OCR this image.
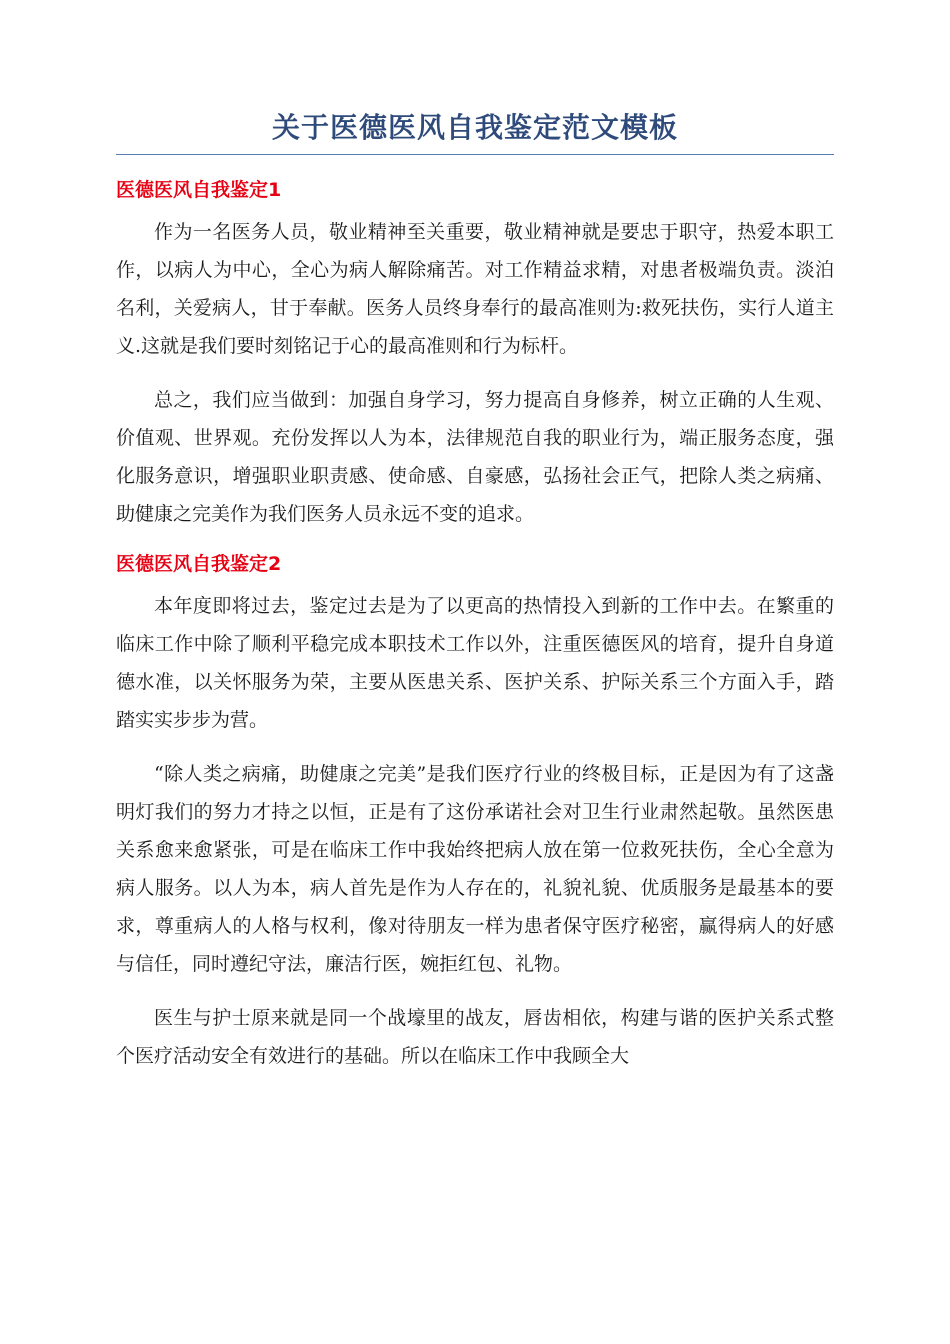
关于医德医风自我鉴定范文模板
医德医风自我鉴定1

作为一名医务人员，敬业精神至关重要，敬业精神就是要忠于职守，热爱本职工作，以病人为中心，全心为病人解除痛苦。对工作精益求精，对患者极端负责。淡泊名利，关爱病人，甘于奉献。医务人员终身奉行的最高准则为:救死扶伤，实行人道主义.这就是我们要时刻铭记于心的最高准则和行为标杆。

总之，我们应当做到：加强自身学习，努力提高自身修养，树立正确的人生观、价值观、世界观。充份发挥以人为本，法律规范自我的职业行为，端正服务态度，强化服务意识，增强职业职责感、使命感、自豪感，弘扬社会正气，把除人类之病痛、助健康之完美作为我们医务人员永远不变的追求。

医德医风自我鉴定2

本年度即将过去，鉴定过去是为了以更高的热情投入到新的工作中去。在繁重的临床工作中除了顺利平稳完成本职技术工作以外，注重医德医风的培育，提升自身道德水准，以关怀服务为荣，主要从医患关系、医护关系、护际关系三个方面入手，踏踏实实步步为营。

“除人类之病痛，助健康之完美”是我们医疗行业的终极目标，正是因为有了这盏明灯我们的努力才持之以恒，正是有了这份承诺社会对卫生行业肃然起敬。虽然医患关系愈来愈紧张，可是在临床工作中我始终把病人放在第一位救死扶伤，全心全意为病人服务。以人为本，病人首先是作为人存在的，礼貌礼貌、优质服务是最基本的要求，尊重病人的人格与权利，像对待朋友一样为患者保守医疗秘密，赢得病人的好感与信任，同时遵纪守法，廉洁行医，婉拒红包、礼物。

医生与护士原来就是同一个战壕里的战友，唇齿相依，构建与谐的医护关系式整个医疗活动安全有效进行的基础。所以在临床工作中我顾全大
